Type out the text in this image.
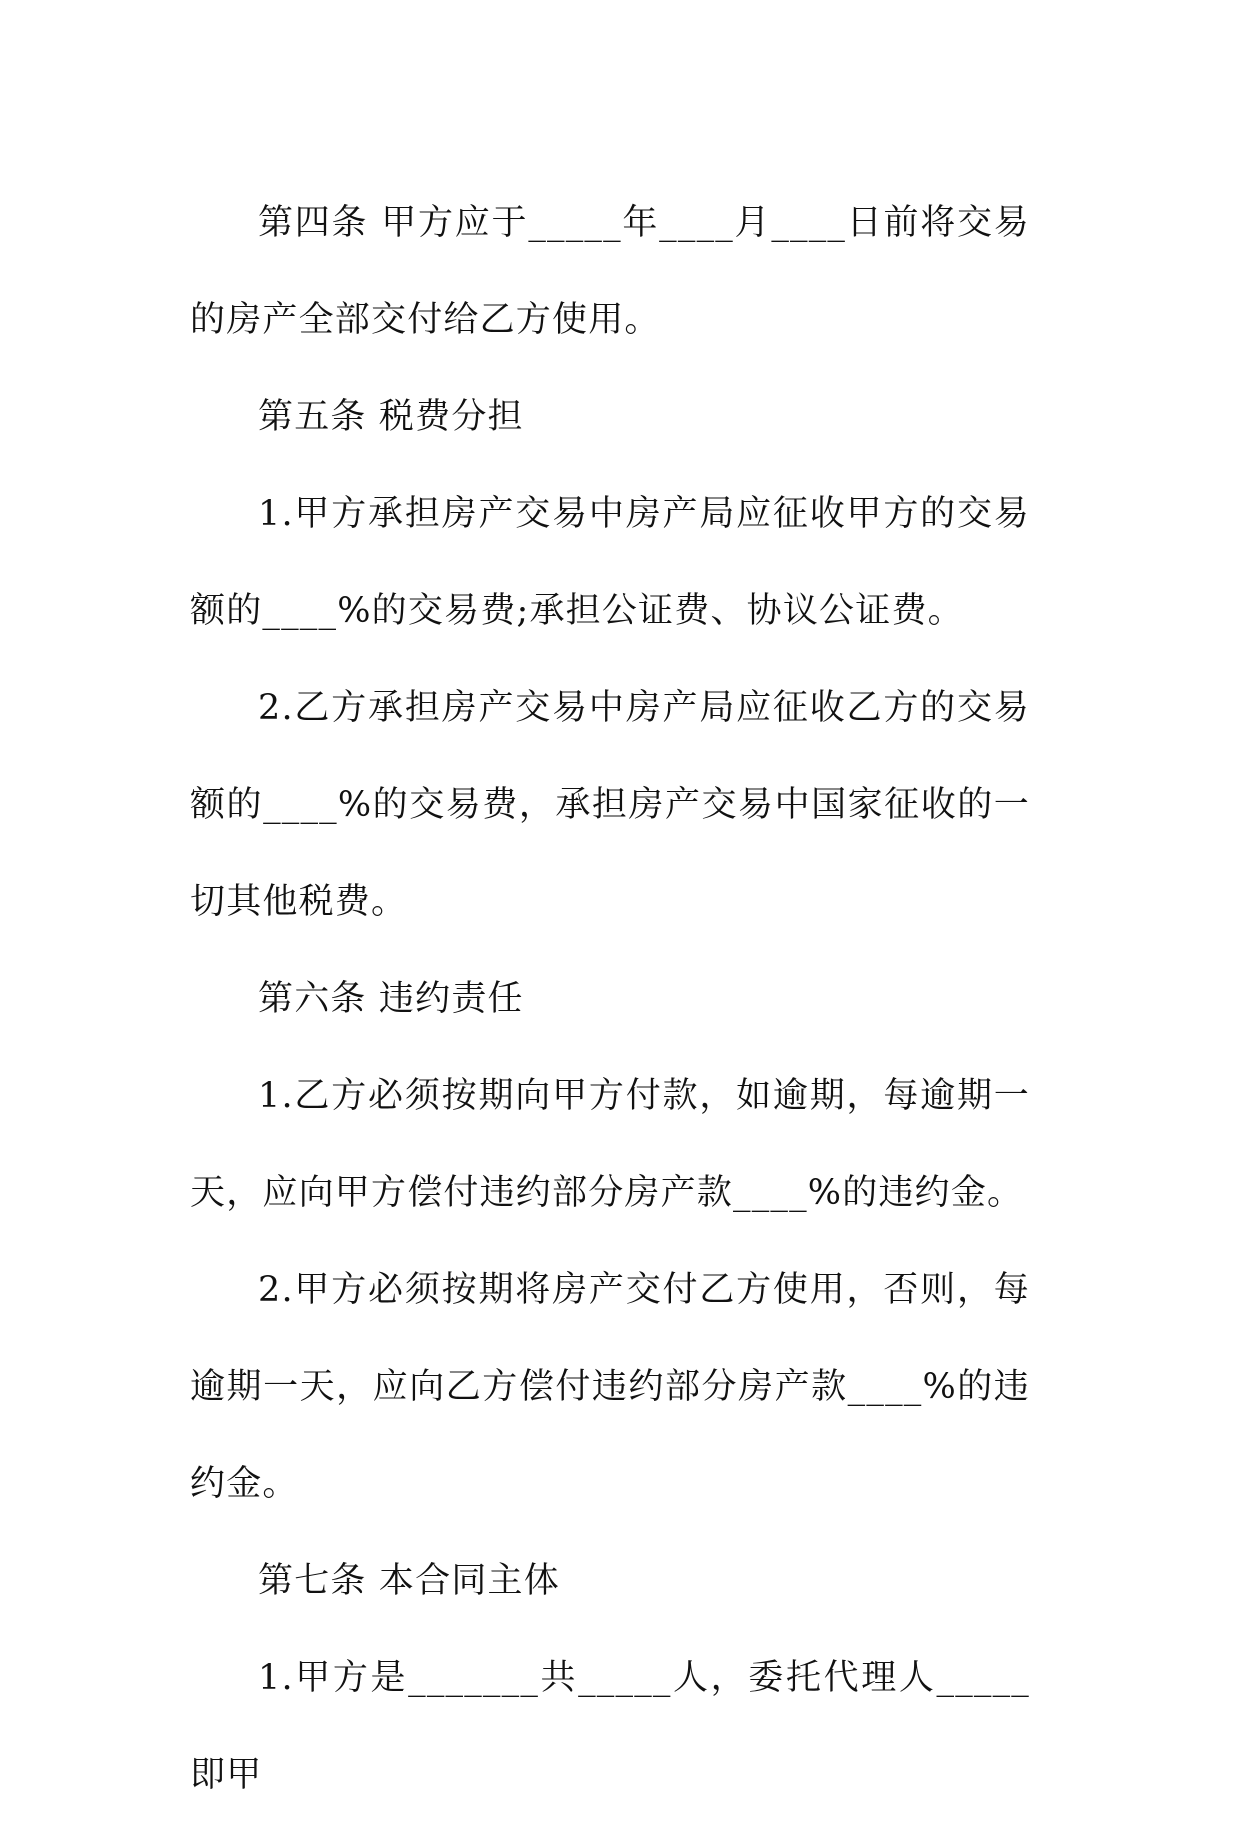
第四条 甲方应于_____年____月____日前将交易的房产全部交付给乙方使用。

第五条 税费分担

1.甲方承担房产交易中房产局应征收甲方的交易额的____%的交易费;承担公证费、协议公证费。

2.乙方承担房产交易中房产局应征收乙方的交易额的____%的交易费，承担房产交易中国家征收的一切其他税费。

第六条 违约责任

1.乙方必须按期向甲方付款，如逾期，每逾期一天，应向甲方偿付违约部分房产款____%的违约金。

2.甲方必须按期将房产交付乙方使用，否则，每逾期一天，应向乙方偿付违约部分房产款____%的违约金。

第七条 本合同主体

1.甲方是_______共_____人，委托代理人_____即甲
